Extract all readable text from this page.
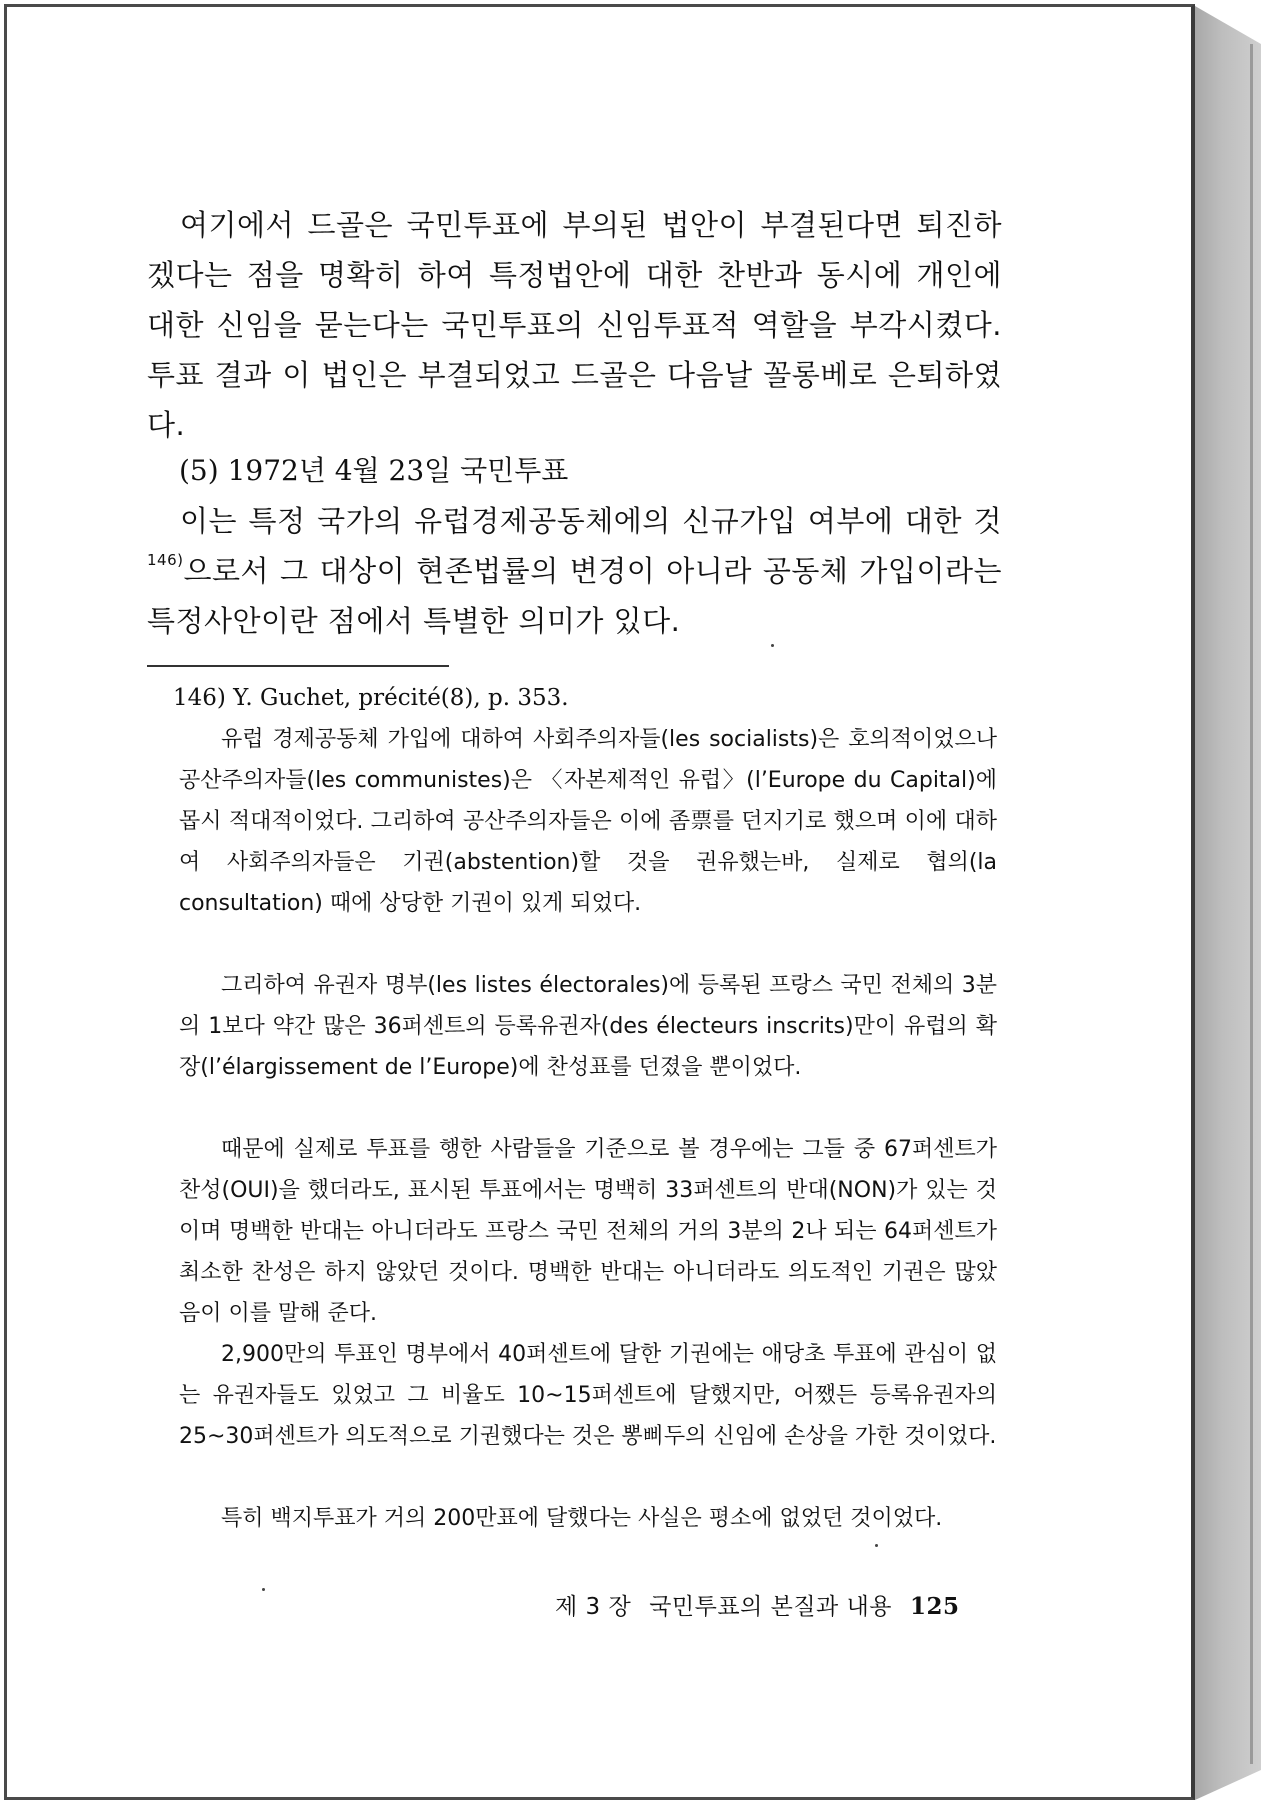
여기에서 드골은 국민투표에 부의된 법안이 부결된다면 퇴진하겠다는 점을 명확히 하여 특정법안에 대한 찬반과 동시에 개인에 대한 신임을 묻는다는 국민투표의 신임투표적 역할을 부각시켰다. 투표 결과 이 법인은 부결되었고 드골은 다음날 꼴롱베로 은퇴하였다.
(5) 1972년 4월 23일 국민투표
이는 특정 국가의 유럽경제공동체에의 신규가입 여부에 대한 것$^{146)}$으로서 그 대상이 현존법률의 변경이 아니라 공동체 가입이라는 특정사안이란 점에서 특별한 의미가 있다.
146) Y. Guchet, précité(8), p. 353.
유럽 경제공동체 가입에 대하여 사회주의자들(les socialists)은 호의적이었으나 공산주의자들(les communistes)은 〈자본제적인 유럽〉(l’Europe du Capital)에 몹시 적대적이었다. 그리하여 공산주의자들은 이에 좀票를 던지기로 했으며 이에 대하여 사회주의자들은 기권(abstention)할 것을 권유했는바, 실제로 협의(la consultation) 때에 상당한 기권이 있게 되었다.
그리하여 유권자 명부(les listes électorales)에 등록된 프랑스 국민 전체의 3분의 1보다 약간 많은 36퍼센트의 등록유권자(des électeurs inscrits)만이 유럽의 확장(l’élargissement de l’Europe)에 찬성표를 던졌을 뿐이었다.
때문에 실제로 투표를 행한 사람들을 기준으로 볼 경우에는 그들 중 67퍼센트가 찬성(OUI)을 했더라도, 표시된 투표에서는 명백히 33퍼센트의 반대(NON)가 있는 것이며 명백한 반대는 아니더라도 프랑스 국민 전체의 거의 3분의 2나 되는 64퍼센트가 최소한 찬성은 하지 않았던 것이다. 명백한 반대는 아니더라도 의도적인 기권은 많았음이 이를 말해 준다.
2,900만의 투표인 명부에서 40퍼센트에 달한 기권에는 애당초 투표에 관심이 없는 유권자들도 있었고 그 비율도 10~15퍼센트에 달했지만, 어쨌든 등록유권자의 25~30퍼센트가 의도적으로 기권했다는 것은 뽕삐두의 신임에 손상을 가한 것이었다.
특히 백지투표가 거의 200만표에 달했다는 사실은 평소에 없었던 것이었다.
제 3 장 국민투표의 본질과 내용 125
